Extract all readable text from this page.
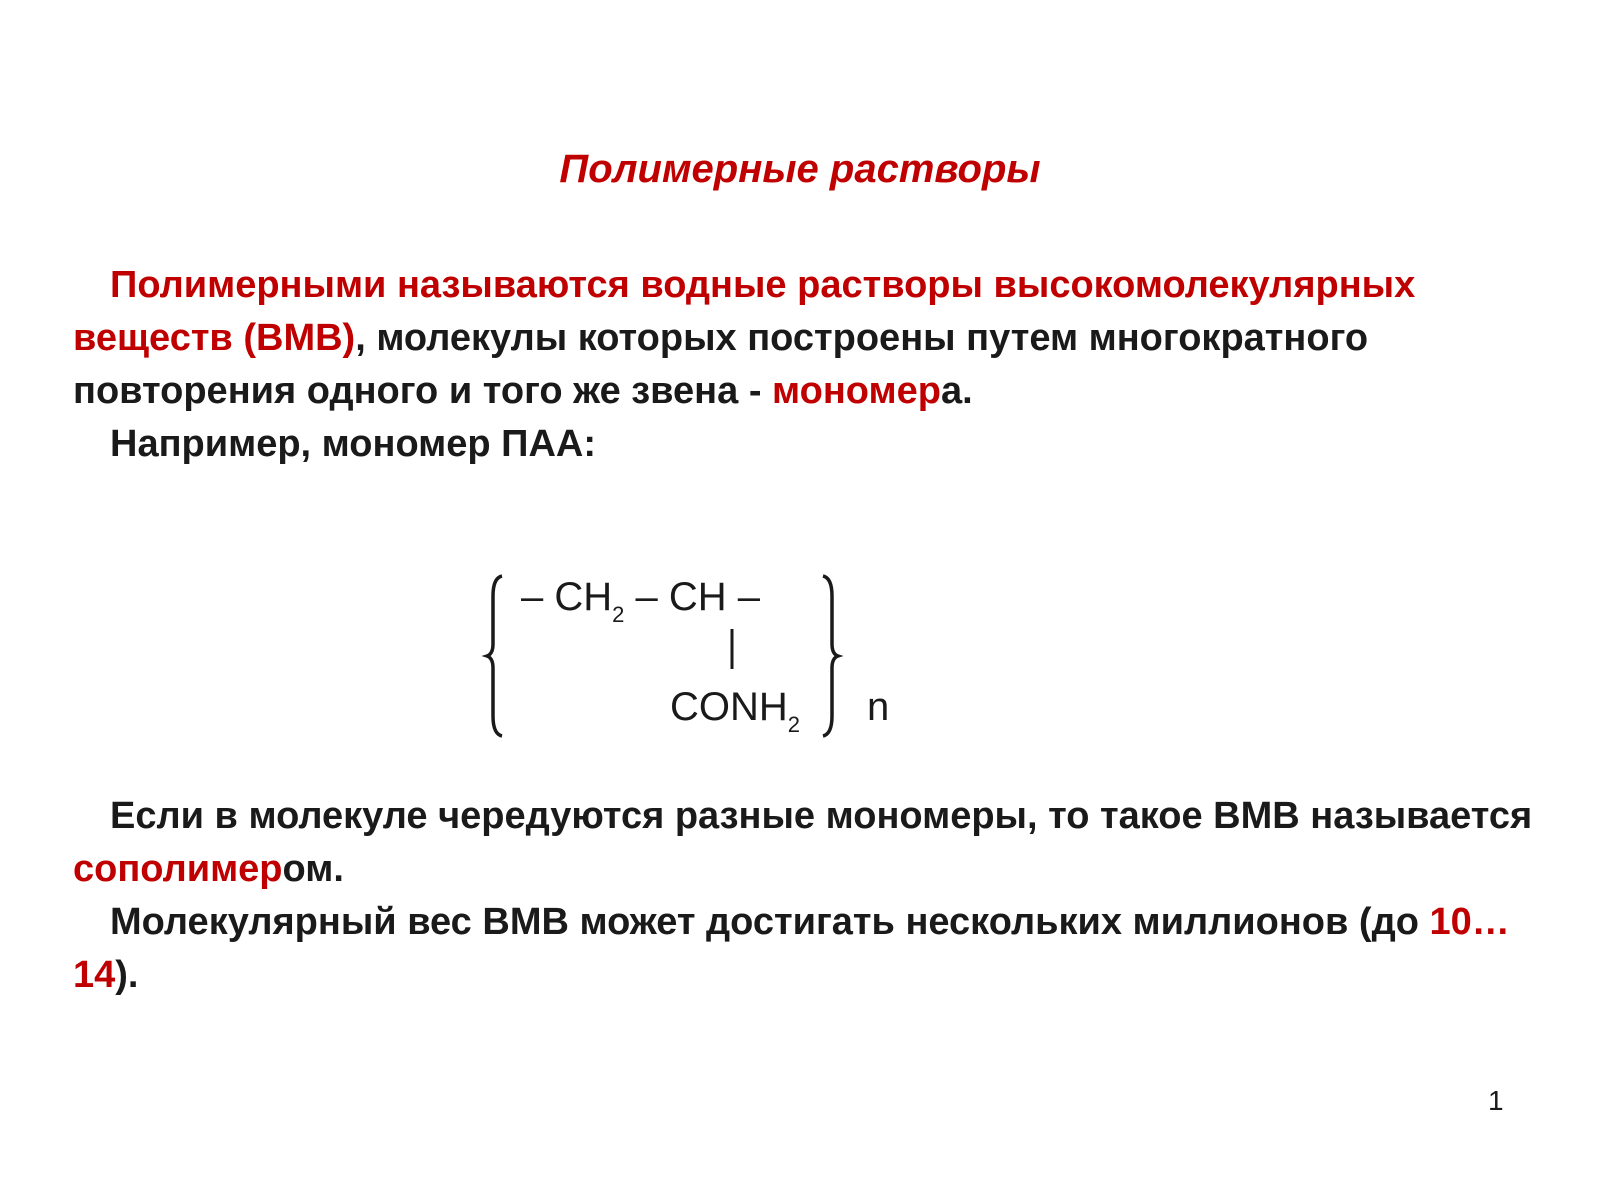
Полимерные растворы

Полимерными называются водные растворы высокомолекулярных веществ (ВМВ), молекулы которых построены путем многократного повторения одного и того же звена - мономера.

Например, мономер ПАА:

– $CH_2$ – CH –
$CONH_2$ n

Если в молекуле чередуются разные мономеры, то такое ВМВ называется сополимером.

Молекулярный вес ВМВ может достигать нескольких миллионов (до 10… 14).

1
